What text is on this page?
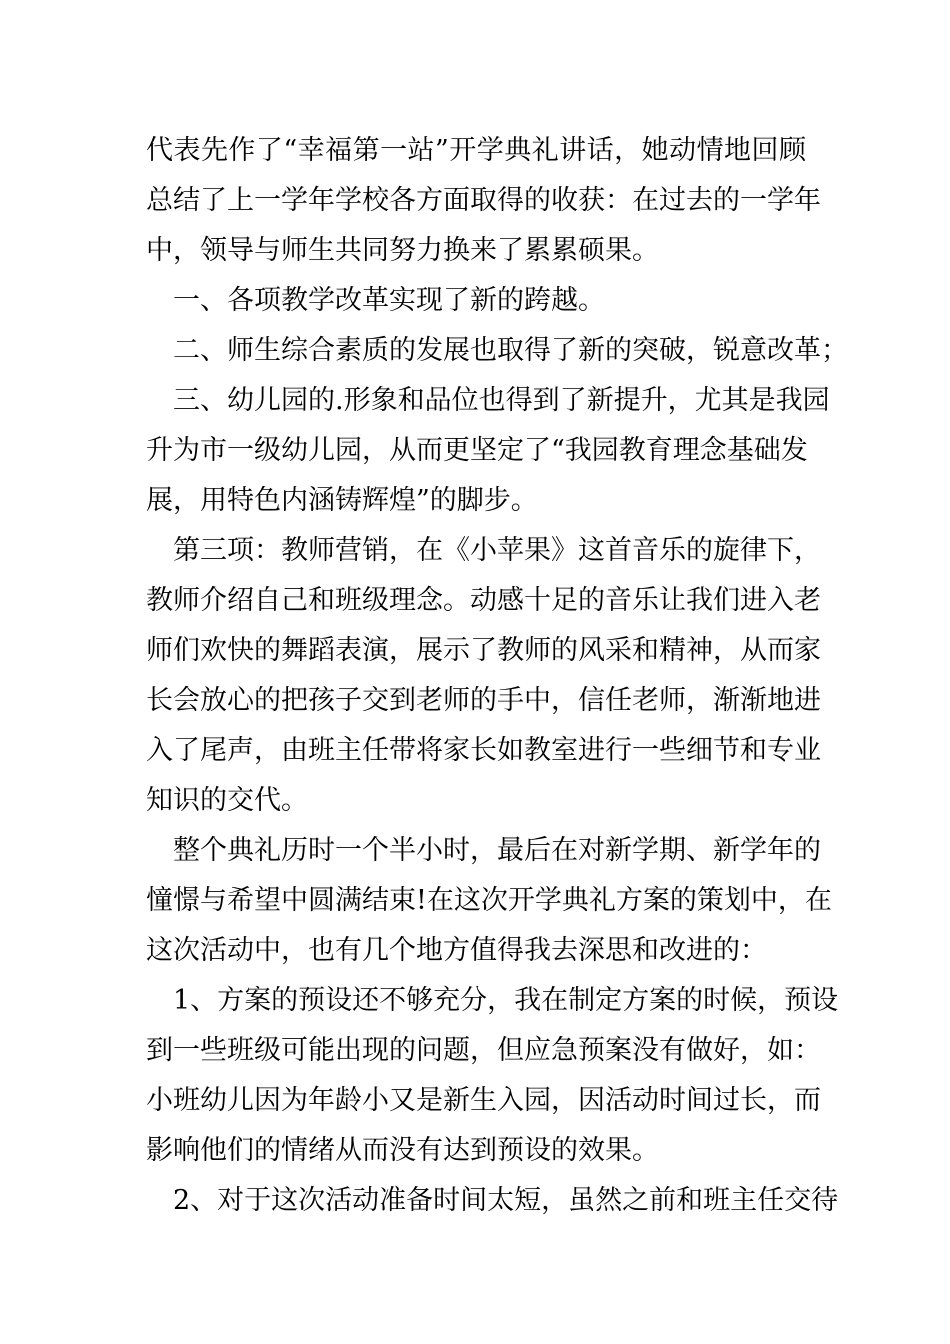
代表先作了“幸福第一站”开学典礼讲话，她动情地回顾
总结了上一学年学校各方面取得的收获：在过去的一学年
中，领导与师生共同努力换来了累累硕果。
一、各项教学改革实现了新的跨越。
二、师生综合素质的发展也取得了新的突破，锐意改革；
三、幼儿园的.形象和品位也得到了新提升，尤其是我园
升为市一级幼儿园，从而更坚定了“我园教育理念基础发
展，用特色内涵铸辉煌”的脚步。
第三项：教师营销，在《小苹果》这首音乐的旋律下，
教师介绍自己和班级理念。动感十足的音乐让我们进入老
师们欢快的舞蹈表演，展示了教师的风采和精神，从而家
长会放心的把孩子交到老师的手中，信任老师，渐渐地进
入了尾声，由班主任带将家长如教室进行一些细节和专业
知识的交代。
整个典礼历时一个半小时，最后在对新学期、新学年的
憧憬与希望中圆满结束!在这次开学典礼方案的策划中，在
这次活动中，也有几个地方值得我去深思和改进的：
1、方案的预设还不够充分，我在制定方案的时候，预设
到一些班级可能出现的问题，但应急预案没有做好，如：
小班幼儿因为年龄小又是新生入园，因活动时间过长，而
影响他们的情绪从而没有达到预设的效果。
2、对于这次活动准备时间太短，虽然之前和班主任交待
